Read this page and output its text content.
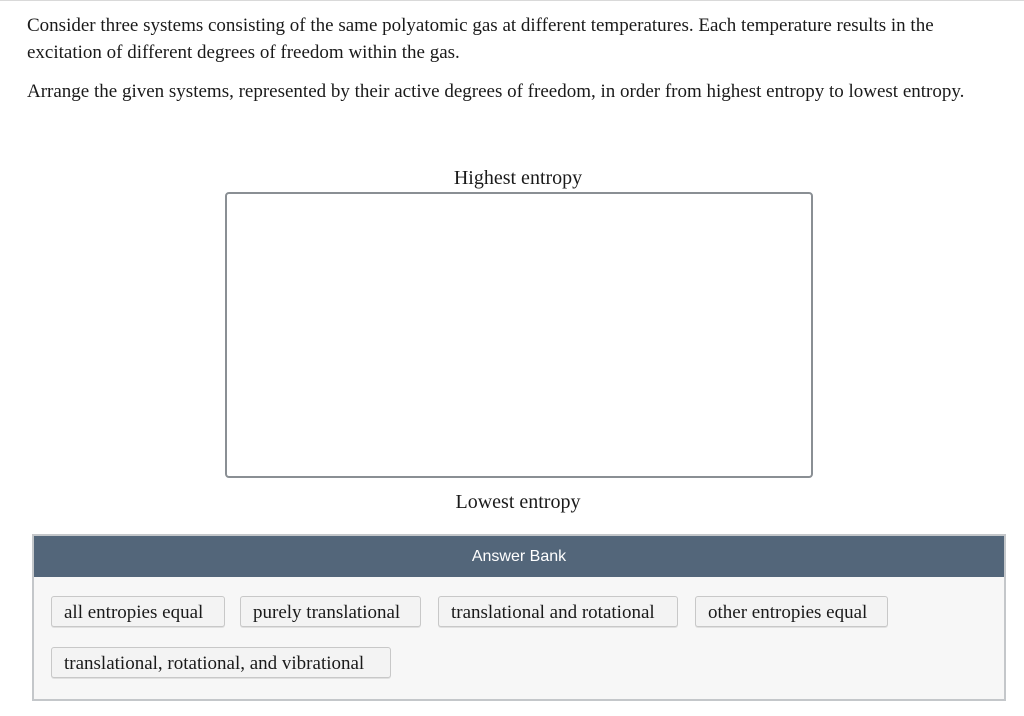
Consider three systems consisting of the same polyatomic gas at different temperatures. Each temperature results in the excitation of different degrees of freedom within the gas.

Arrange the given systems, represented by their active degrees of freedom, in order from highest entropy to lowest entropy.

Highest entropy
Lowest entropy
Answer Bank
all entropies equal	purely translational	translational and rotational	other entropies equal
translational, rotational, and vibrational
